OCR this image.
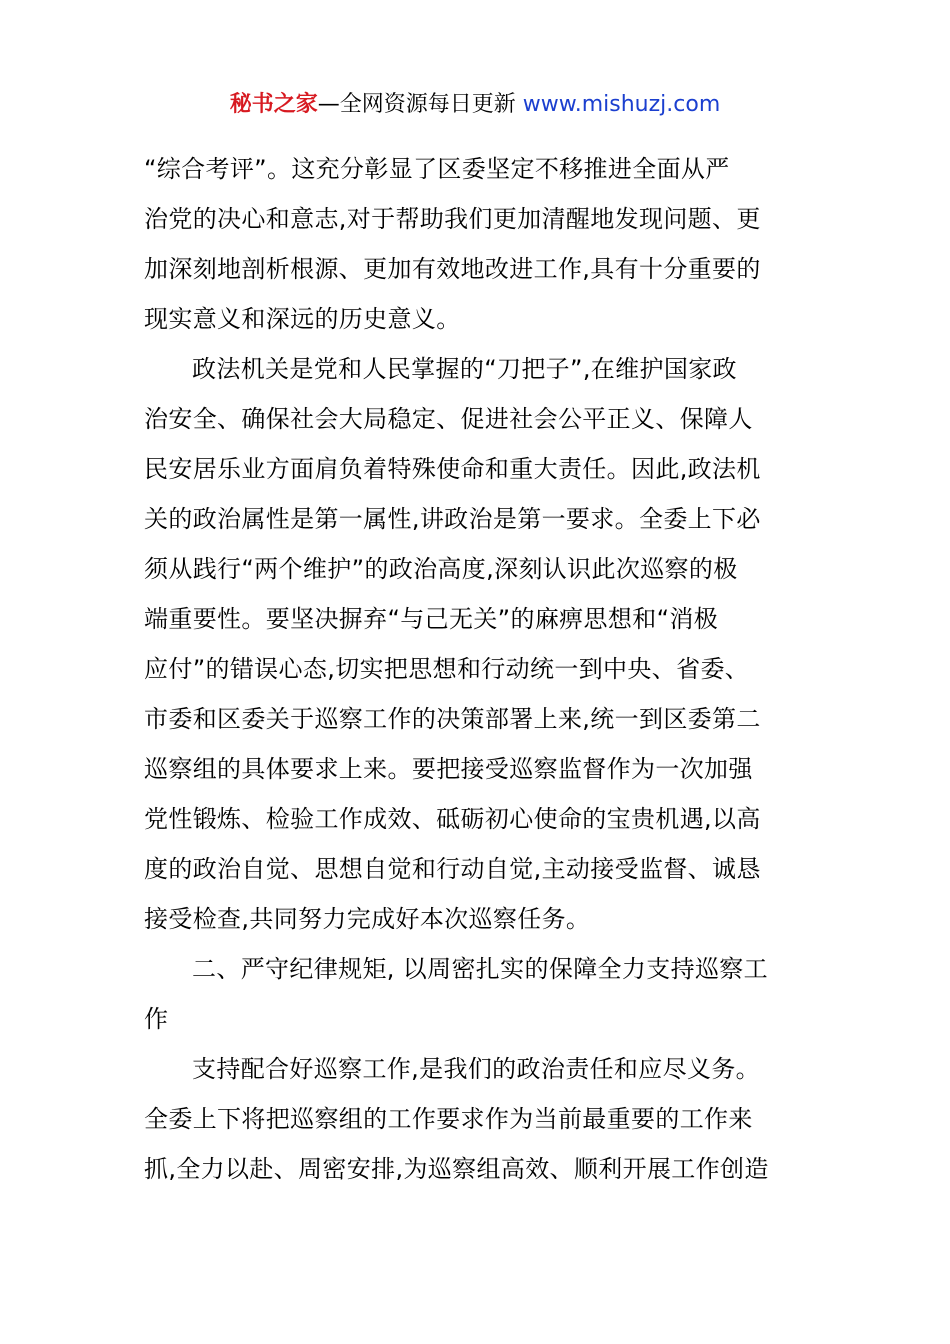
秘书之家—全网资源每日更新 www.mishuzj.com
“综合考评”。这充分彰显了区委坚定不移推进全面从严
治党的决心和意志,对于帮助我们更加清醒地发现问题、更
加深刻地剖析根源、更加有效地改进工作,具有十分重要的
现实意义和深远的历史意义。
政法机关是党和人民掌握的“刀把子”,在维护国家政
治安全、确保社会大局稳定、促进社会公平正义、保障人
民安居乐业方面肩负着特殊使命和重大责任。因此,政法机
关的政治属性是第一属性,讲政治是第一要求。全委上下必
须从践行“两个维护”的政治高度,深刻认识此次巡察的极
端重要性。要坚决摒弃“与己无关”的麻痹思想和“消极
应付”的错误心态,切实把思想和行动统一到中央、省委、
市委和区委关于巡察工作的决策部署上来,统一到区委第二
巡察组的具体要求上来。要把接受巡察监督作为一次加强
党性锻炼、检验工作成效、砥砺初心使命的宝贵机遇,以高
度的政治自觉、思想自觉和行动自觉,主动接受监督、诚恳
接受检查,共同努力完成好本次巡察任务。
二、严守纪律规矩, 以周密扎实的保障全力支持巡察工
作
支持配合好巡察工作,是我们的政治责任和应尽义务。
全委上下将把巡察组的工作要求作为当前最重要的工作来
抓,全力以赴、周密安排,为巡察组高效、顺利开展工作创造
